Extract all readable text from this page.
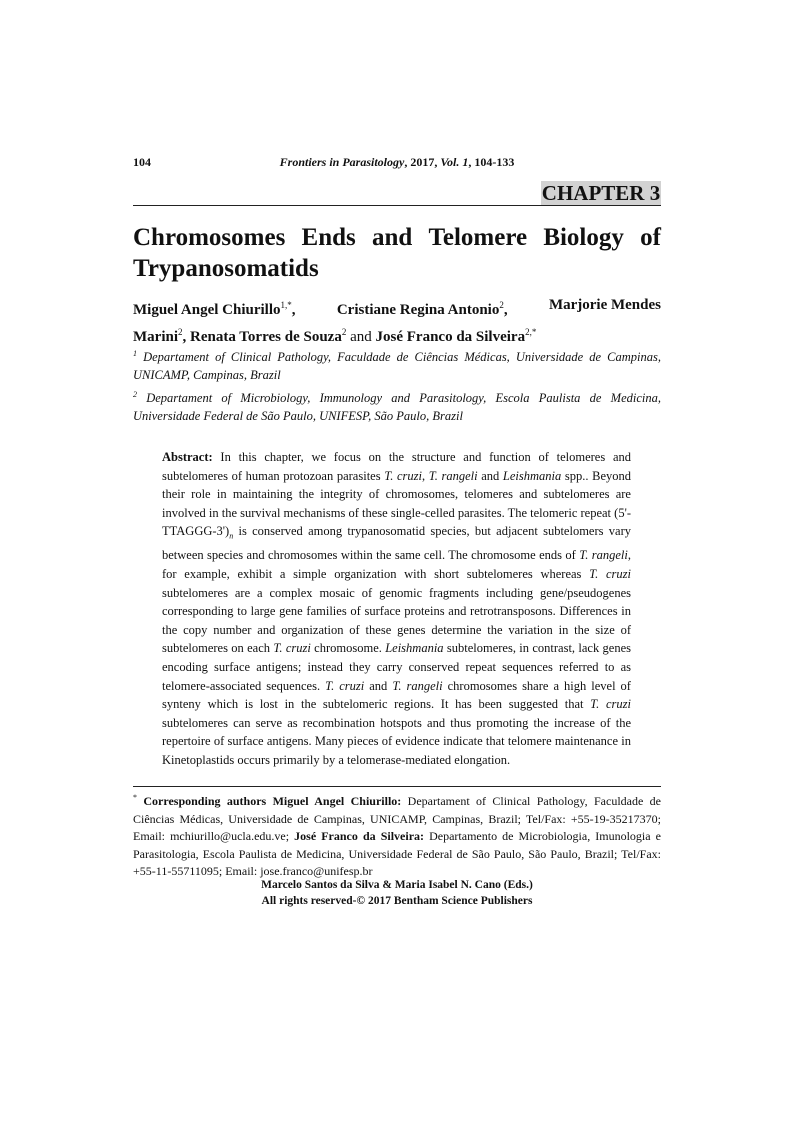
104	Frontiers in Parasitology, 2017, Vol. 1, 104-133
CHAPTER 3
Chromosomes Ends and Telomere Biology of
Trypanosomatids
Miguel Angel Chiurillo$^{1,*}$,	Cristiane Regina Antonio$^2$,	Marjorie Mendes
Marini$^2$, Renata Torres de Souza$^2$ and José Franco da Silveira$^{2,*}$
$^1$ Departament of Clinical Pathology, Faculdade de Ciências Médicas, Universidade de Campinas, UNICAMP, Campinas, Brazil
$^2$ Departament of Microbiology, Immunology and Parasitology, Escola Paulista de Medicina, Universidade Federal de São Paulo, UNIFESP, São Paulo, Brazil
Abstract: In this chapter, we focus on the structure and function of telomeres and subtelomeres of human protozoan parasites T. cruzi, T. rangeli and Leishmania spp.. Beyond their role in maintaining the integrity of chromosomes, telomeres and subtelomeres are involved in the survival mechanisms of these single-celled parasites. The telomeric repeat $(5'-TTAGGG-3')_n$ is conserved among trypanosomatid species, but adjacent subtelomers vary between species and chromosomes within the same cell. The chromosome ends of T. rangeli, for example, exhibit a simple organization with short subtelomeres whereas T. cruzi subtelomeres are a complex mosaic of genomic fragments including gene/pseudogenes corresponding to large gene families of surface proteins and retrotransposons. Differences in the copy number and organization of these genes determine the variation in the size of subtelomeres on each T. cruzi chromosome. Leishmania subtelomeres, in contrast, lack genes encoding surface antigens; instead they carry conserved repeat sequences referred to as telomere-associated sequences. T. cruzi and T. rangeli chromosomes share a high level of synteny which is lost in the subtelomeric regions. It has been suggested that T. cruzi subtelomeres can serve as recombination hotspots and thus promoting the increase of the repertoire of surface antigens. Many pieces of evidence indicate that telomere maintenance in Kinetoplastids occurs primarily by a telomerase-mediated elongation.
* Corresponding authors Miguel Angel Chiurillo: Departament of Clinical Pathology, Faculdade de Ciências Médicas, Universidade de Campinas, UNICAMP, Campinas, Brazil; Tel/Fax: +55-19-35217370; Email: mchiurillo@ucla.edu.ve; José Franco da Silveira: Departamento de Microbiologia, Imunologia e Parasitologia, Escola Paulista de Medicina, Universidade Federal de São Paulo, São Paulo, Brazil; Tel/Fax: +55-11-55711095; Email: jose.franco@unifesp.br
Marcelo Santos da Silva & Maria Isabel N. Cano (Eds.)
All rights reserved-© 2017 Bentham Science Publishers
